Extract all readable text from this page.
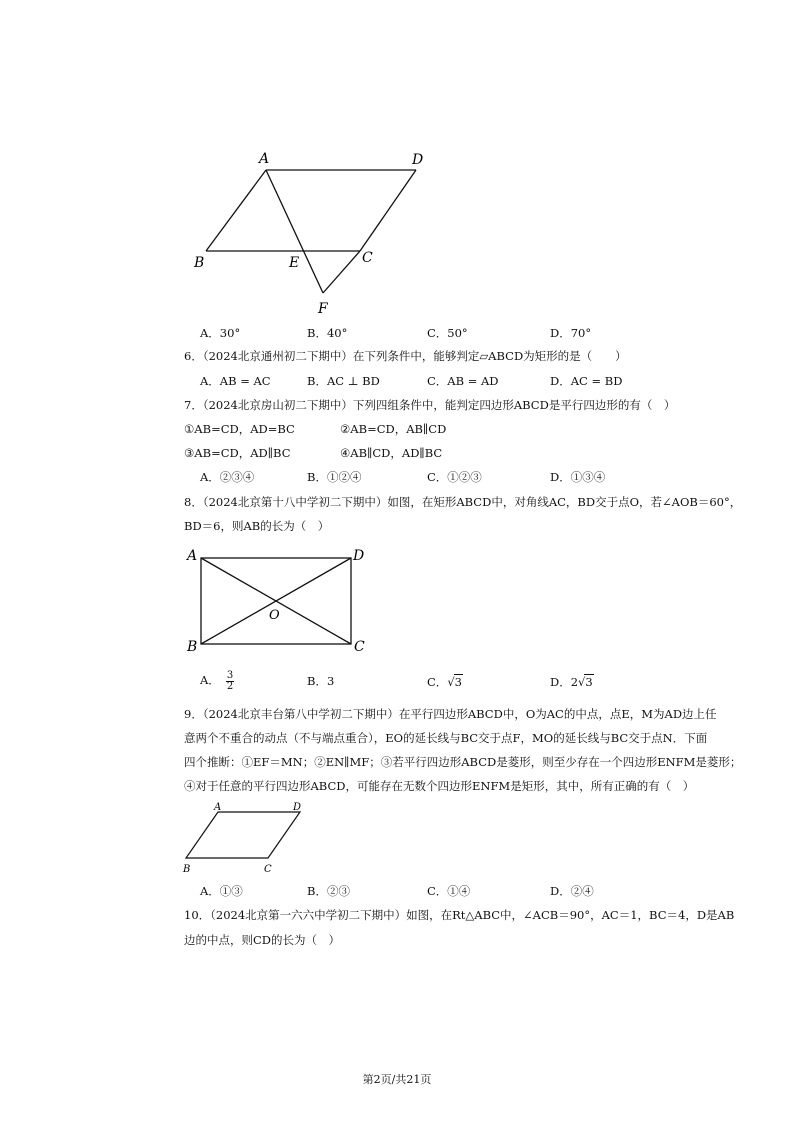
A	D
B	E	C
F
A．30°	B．40°	C．50°	D．70°
6．（2024北京通州初二下期中）在下列条件中，能够判定▱ABCD为矩形的是（　　）
A．AB = AC	B．AC ⊥ BD	C．AB = AD	D．AC = BD
7．（2024北京房山初二下期中）下列四组条件中，能判定四边形ABCD是平行四边形的有（　）
①AB=CD，AD=BC	②AB=CD，AB∥CD
③AB=CD，AD∥BC	④AB∥CD，AD∥BC
A．②③④	B．①②④	C．①②③	D．①③④
8．（2024北京第十八中学初二下期中）如图，在矩形ABCD中，对角线AC，BD交于点O，若∠AOB＝60°，
BD＝6，则AB的长为（　）
A	D
O
B	C
A． $\frac{3}{2}$	B．3	C．√3	D．2√3
9．（2024北京丰台第八中学初二下期中）在平行四边形ABCD中，O为AC的中点，点E，M为AD边上任
意两个不重合的动点（不与端点重合），EO的延长线与BC交于点F，MO的延长线与BC交于点N．下面
四个推断：①EF＝MN；②EN∥MF；③若平行四边形ABCD是菱形，则至少存在一个四边形ENFM是菱形；
④对于任意的平行四边形ABCD，可能存在无数个四边形ENFM是矩形，其中，所有正确的有（　）
A	D
B	C
A．①③	B．②③	C．①④	D．②④
10．（2024北京第一六六中学初二下期中）如图，在Rt△ABC中，∠ACB＝90°，AC＝1，BC＝4，D是AB
边的中点，则CD的长为（　）
第2页/共21页
